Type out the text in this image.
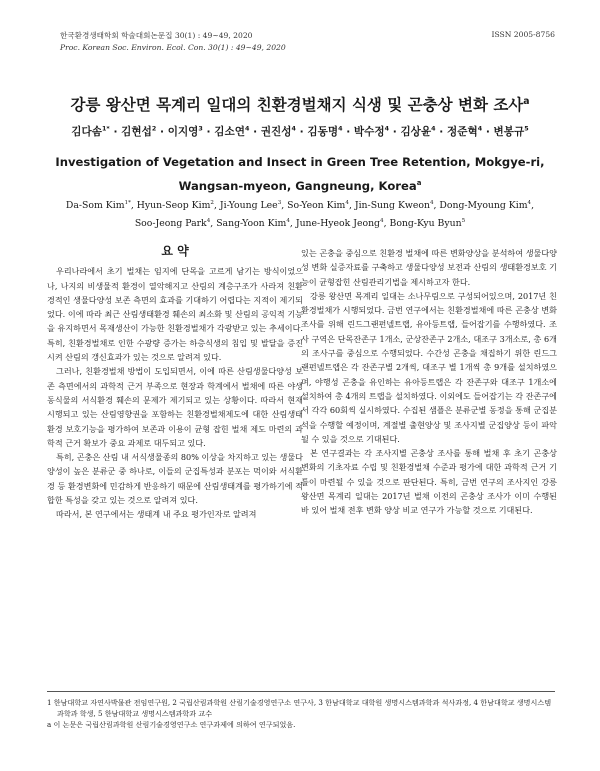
한국환경생태학회 학술대회논문집 30(1) : 49~49, 2020
Proc. Korean Soc. Environ. Ecol. Con. 30(1) : 49~49, 2020
ISSN 2005-8756
강릉 왕산면 목계리 일대의 친환경벌채지 식생 및 곤충상 변화 조사$^a$
김다솜$^{1*}$ · 김현섭$^2$ · 이지영$^3$ · 김소연$^4$ · 권진성$^4$ · 김동명$^4$ · 박수정$^4$ · 김상윤$^4$ · 정준혁$^4$ · 변봉규$^5$
Investigation of Vegetation and Insect in Green Tree Retention, Mokgye-ri, Wangsan-myeon, Gangneung, Korea$^a$
Da-Som Kim$^{1*}$, Hyun-Seop Kim$^2$, Ji-Young Lee$^3$, So-Yeon Kim$^4$, Jin-Sung Kweon$^4$, Dong-Myoung Kim$^4$, Soo-Jeong Park$^4$, Sang-Yoon Kim$^4$, June-Hyeok Jeong$^4$, Bong-Kyu Byun$^5$
요 약

우리나라에서 초기 벌채는 임지에 단목을 고르게 남기는 방식이었으나, 나지의 비생물적 환경이 열악해지고 산림의 계층구조가 사라져 친환경적인 생물다양성 보존 측면의 효과를 기대하기 어렵다는 지적이 제기되었다. 이에 따라 최근 산림생태환경 훼손의 최소화 및 산림의 공익적 기능을 유지하면서 목재생산이 가능한 친환경벌채가 각광받고 있는 추세이다. 특히, 친환경벌채로 인한 수광량 증가는 하층식생의 침입 및 발달을 증진시켜 산림의 갱신효과가 있는 것으로 알려져 있다.

그러나, 친환경벌채 방법이 도입되면서, 이에 따른 산림생물다양성 보존 측면에서의 과학적 근거 부족으로 현장과 학계에서 벌채에 따른 야생 동식물의 서식환경 훼손의 문제가 제기되고 있는 상황이다. 따라서 현재 시행되고 있는 산림영향권을 포함하는 친환경벌채제도에 대한 산림생태환경 보호기능을 평가하여 보존과 이용이 균형 잡힌 벌채 제도 마련의 과학적 근거 확보가 중요 과제로 대두되고 있다.

특히, 곤충은 산림 내 서식생물종의 80% 이상을 차지하고 있는 생물다양성이 높은 분류군 중 하나로, 이들의 군집특성과 분포는 먹이와 서식환경 등 환경변화에 민감하게 반응하기 때문에 산림생태계를 평가하기에 적합한 특성을 갖고 있는 것으로 알려져 있다.

따라서, 본 연구에서는 생태계 내 주요 평가인자로 알려져

있는 곤충을 중심으로 친환경 벌채에 따른 변화양상을 분석하여 생물다양성 변화 실증자료를 구축하고 생물다양성 보전과 산림의 생태환경보호 기능이 균형잡힌 산림관리기법을 제시하고자 한다.

강릉 왕산면 목계리 일대는 소나무림으로 구성되어있으며, 2017년 친환경벌채가 시행되었다. 금번 연구에서는 친환경벌채에 따른 곤충상 변화조사를 위해 린드그랜펀넬트랩, 유아등트랩, 들어잡기를 수행하였다. 조사 구역은 단목잔존구 1개소, 군상잔존구 2개소, 대조구 3개소로, 총 6개의 조사구를 중심으로 수행되었다. 수간성 곤충을 채집하기 위한 린드그랜펀넬트랩은 각 잔존구별 2개씩, 대조구 별 1개씩 총 9개를 설치하였으며, 야행성 곤충을 유인하는 유아등트랩은 각 잔존구와 대조구 1개소에 설치하여 총 4개의 트랩을 설치하였다. 이외에도 들어잡기는 각 잔존구에서 각각 60회씩 실시하였다. 수집된 샘플은 분류군별 동정을 통해 군집분석을 수행할 예정이며, 계절별 출현양상 및 조사지별 군집양상 등이 파악될 수 있을 것으로 기대된다.

본 연구결과는 각 조사지별 곤충상 조사를 통해 벌채 후 초기 곤충상 변화의 기초자료 수립 및 친환경벌채 수준과 평가에 대한 과학적 근거 기틀이 마련될 수 있을 것으로 판단된다. 특히, 금번 연구의 조사지인 강릉 왕산면 목계리 일대는 2017년 벌채 이전의 곤충상 조사가 이미 수행된 바 있어 벌채 전후 변화 양상 비교 연구가 가능할 것으로 기대된다.

1 한남대학교 자연사박물관 전임연구원, 2 국립산림과학원 산림기술경영연구소 연구사, 3 한남대학교 대학원 생명시스템과학과 석사과정, 4 한남대학교 생명시스템과학과 학생, 5 한남대학교 생명시스템과학과 교수
a 이 논문은 국립산림과학원 산림기술경영연구소 연구과제에 의하여 연구되었음.
